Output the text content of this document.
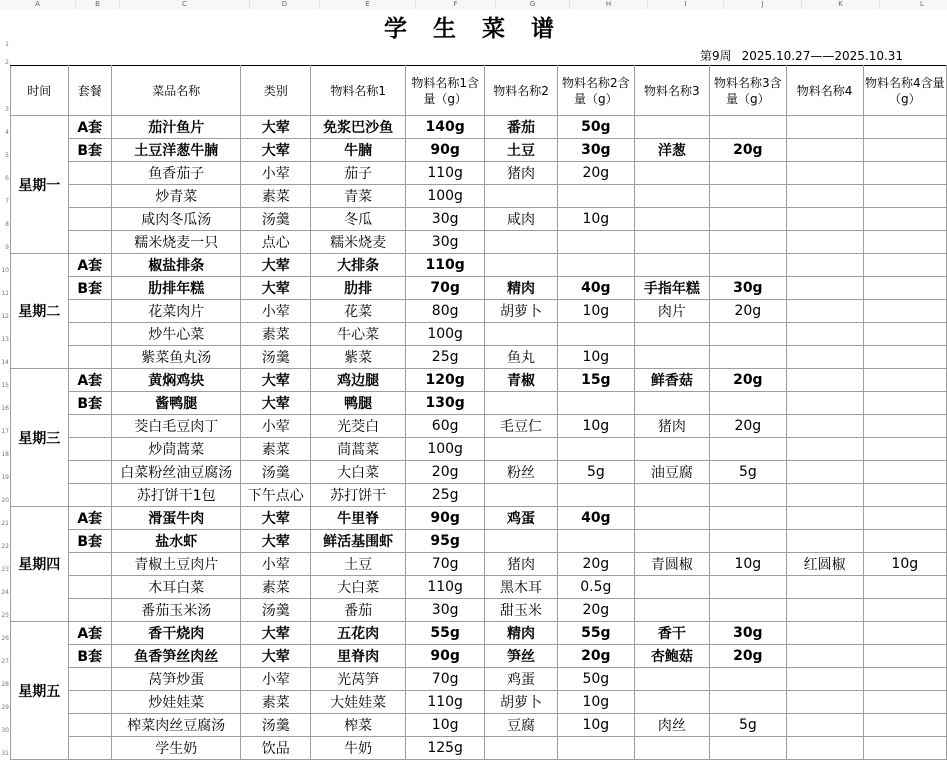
A	B	C	D	E	F	G	H	I	J	K	L
1
2
3
4
5
6
7
8
9
10
11
12
13
14
15
16
17
18
19
20
21
22
23
24
25
26
27
28
29
30
31
学 生 菜 谱
第9周 2025.10.27——2025.10.31
时间	套餐	菜品名称	类别	物料名称1	物料名称1含量（g）	物料名称2	物料名称2含量（g）	物料名称3	物料名称3含量（g）	物料名称4	物料名称4含量（g）
星期一	A套	茄汁鱼片	大荤	免浆巴沙鱼	140g	番茄	50g				
	B套	土豆洋葱牛腩	大荤	牛腩	90g	土豆	30g	洋葱	20g		
		鱼香茄子	小荤	茄子	110g	猪肉	20g				
		炒青菜	素菜	青菜	100g						
		咸肉冬瓜汤	汤羹	冬瓜	30g	咸肉	10g				
		糯米烧麦一只	点心	糯米烧麦	30g						
星期二	A套	椒盐排条	大荤	大排条	110g						
	B套	肋排年糕	大荤	肋排	70g	精肉	40g	手指年糕	30g		
		花菜肉片	小荤	花菜	80g	胡萝卜	10g	肉片	20g		
		炒牛心菜	素菜	牛心菜	100g						
		紫菜鱼丸汤	汤羹	紫菜	25g	鱼丸	10g				
星期三	A套	黄焖鸡块	大荤	鸡边腿	120g	青椒	15g	鲜香菇	20g		
	B套	酱鸭腿	大荤	鸭腿	130g						
		茭白毛豆肉丁	小荤	光茭白	60g	毛豆仁	10g	猪肉	20g		
		炒茼蒿菜	素菜	茼蒿菜	100g						
		白菜粉丝油豆腐汤	汤羹	大白菜	20g	粉丝	5g	油豆腐	5g		
		苏打饼干1包	下午点心	苏打饼干	25g						
星期四	A套	滑蛋牛肉	大荤	牛里脊	90g	鸡蛋	40g				
	B套	盐水虾	大荤	鲜活基围虾	95g						
		青椒土豆肉片	小荤	土豆	70g	猪肉	20g	青圆椒	10g	红圆椒	10g
		木耳白菜	素菜	大白菜	110g	黑木耳	0.5g				
		番茄玉米汤	汤羹	番茄	30g	甜玉米	20g				
星期五	A套	香干烧肉	大荤	五花肉	55g	精肉	55g	香干	30g		
	B套	鱼香笋丝肉丝	大荤	里脊肉	90g	笋丝	20g	杏鲍菇	20g		
		莴笋炒蛋	小荤	光莴笋	70g	鸡蛋	50g				
		炒娃娃菜	素菜	大娃娃菜	110g	胡萝卜	10g				
		榨菜肉丝豆腐汤	汤羹	榨菜	10g	豆腐	10g	肉丝	5g		
		学生奶	饮品	牛奶	125g						
